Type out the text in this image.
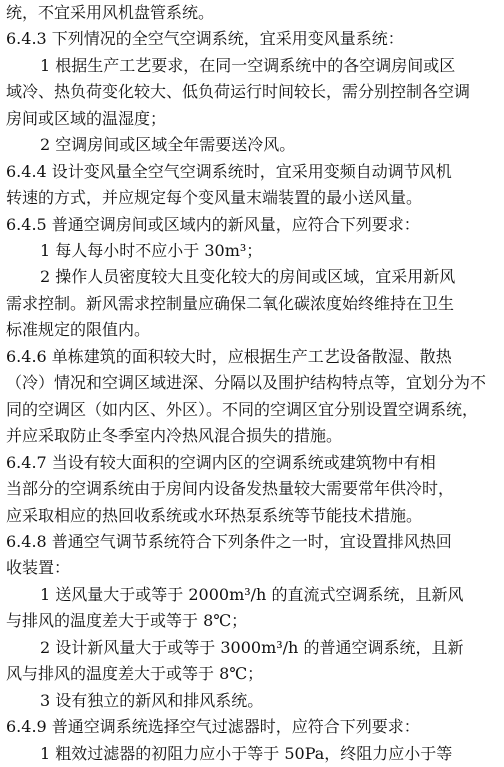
统，不宜采用风机盘管系统。
6.4.3 下列情况的全空气空调系统，宜采用变风量系统：
1 根据生产工艺要求，在同一空调系统中的各空调房间或区
域冷、热负荷变化较大、低负荷运行时间较长，需分别控制各空调
房间或区域的温湿度；
2 空调房间或区域全年需要送冷风。
6.4.4 设计变风量全空气空调系统时，宜采用变频自动调节风机
转速的方式，并应规定每个变风量末端装置的最小送风量。
6.4.5 普通空调房间或区域内的新风量，应符合下列要求：
1 每人每小时不应小于 30m³；
2 操作人员密度较大且变化较大的房间或区域，宜采用新风
需求控制。新风需求控制量应确保二氧化碳浓度始终维持在卫生
标准规定的限值内。
6.4.6 单栋建筑的面积较大时，应根据生产工艺设备散湿、散热
（冷）情况和空调区域进深、分隔以及围护结构特点等，宜划分为不
同的空调区（如内区、外区）。不同的空调区宜分别设置空调系统，
并应采取防止冬季室内冷热风混合损失的措施。
6.4.7 当设有较大面积的空调内区的空调系统或建筑物中有相
当部分的空调系统由于房间内设备发热量较大需要常年供冷时，
应采取相应的热回收系统或水环热泵系统等节能技术措施。
6.4.8 普通空气调节系统符合下列条件之一时，宜设置排风热回
收装置：
1 送风量大于或等于 2000m³/h 的直流式空调系统，且新风
与排风的温度差大于或等于 8℃；
2 设计新风量大于或等于 3000m³/h 的普通空调系统，且新
风与排风的温度差大于或等于 8℃；
3 设有独立的新风和排风系统。
6.4.9 普通空调系统选择空气过滤器时，应符合下列要求：
1 粗效过滤器的初阻力应小于等于 50Pa，终阻力应小于等
